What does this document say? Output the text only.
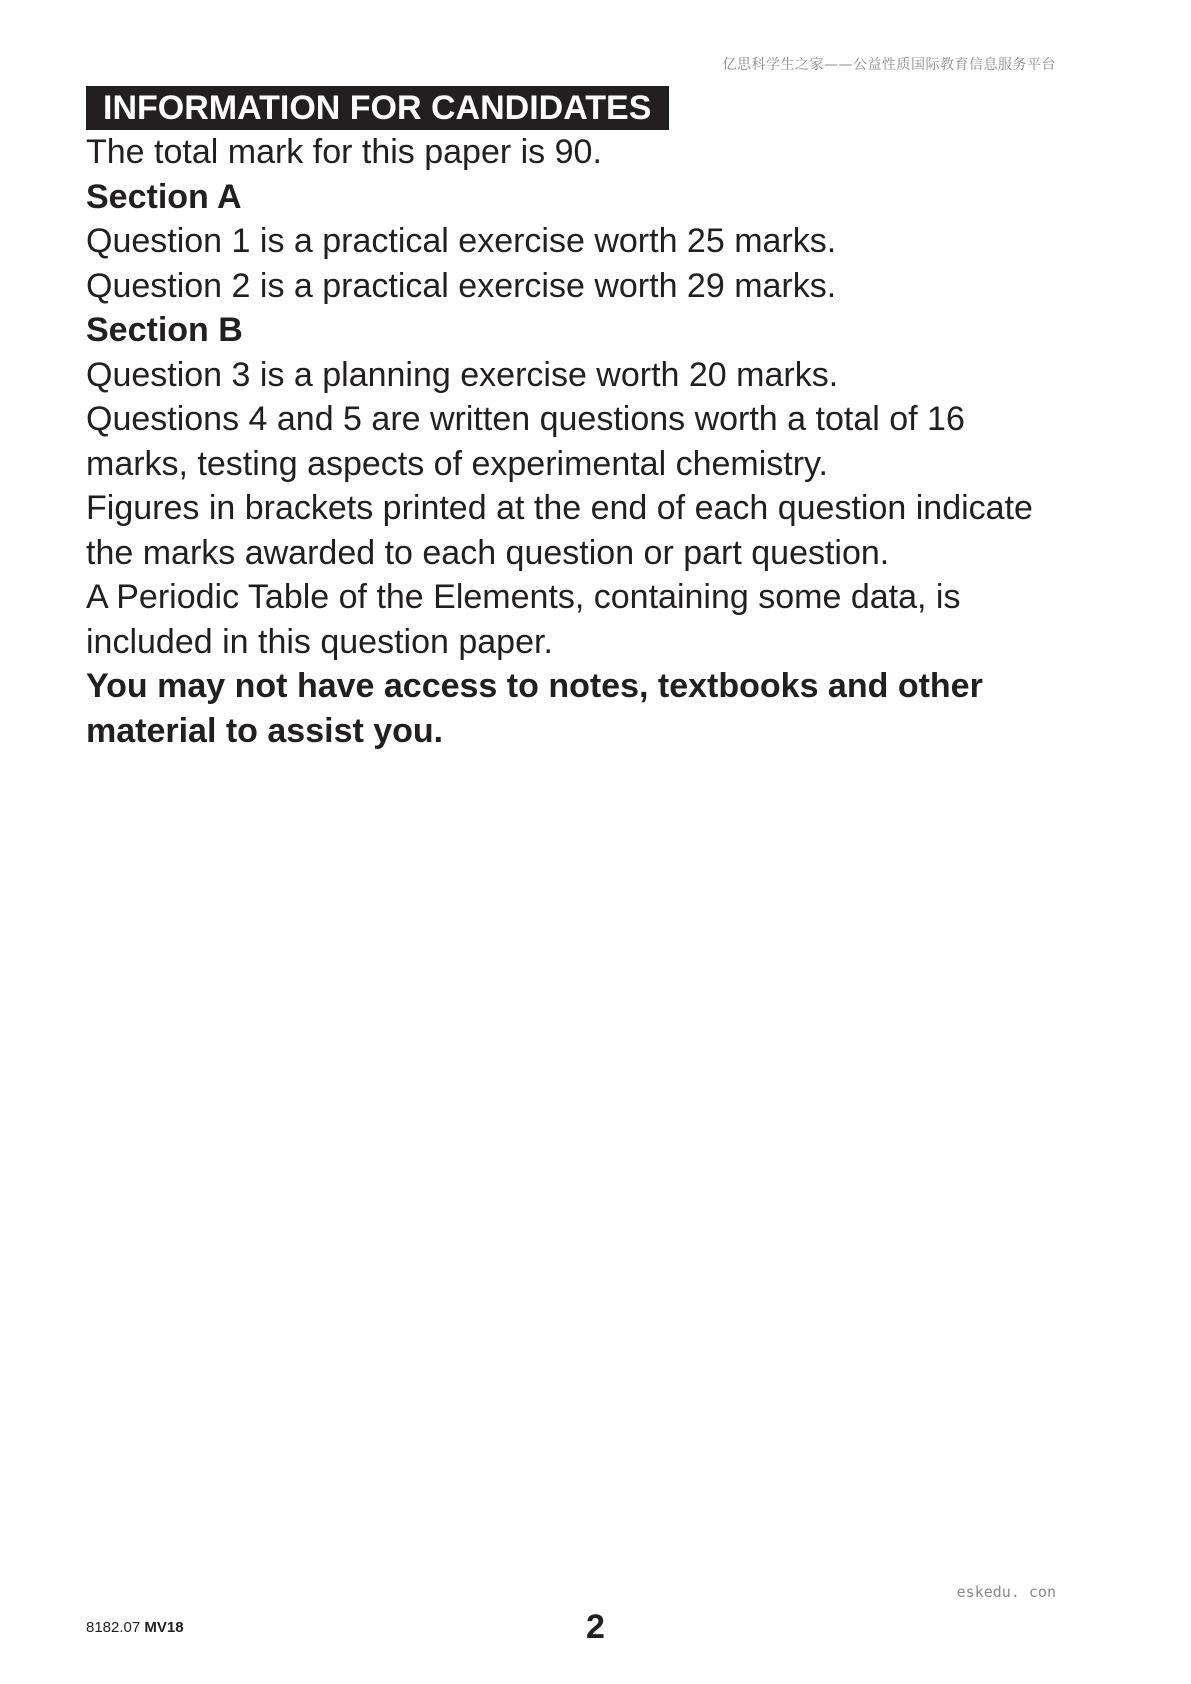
亿思科学生之家——公益性质国际教育信息服务平台
INFORMATION FOR CANDIDATES

The total mark for this paper is 90.

Section A

Question 1 is a practical exercise worth 25 marks.

Question 2 is a practical exercise worth 29 marks.

Section B

Question 3 is a planning exercise worth 20 marks.

Questions 4 and 5 are written questions worth a total of 16

marks, testing aspects of experimental chemistry.

Figures in brackets printed at the end of each question indicate

the marks awarded to each question or part question.

A Periodic Table of the Elements, containing some data, is

included in this question paper.

You may not have access to notes, textbooks and other

material to assist you.

eskedu. con
8182.07 MV18	2
